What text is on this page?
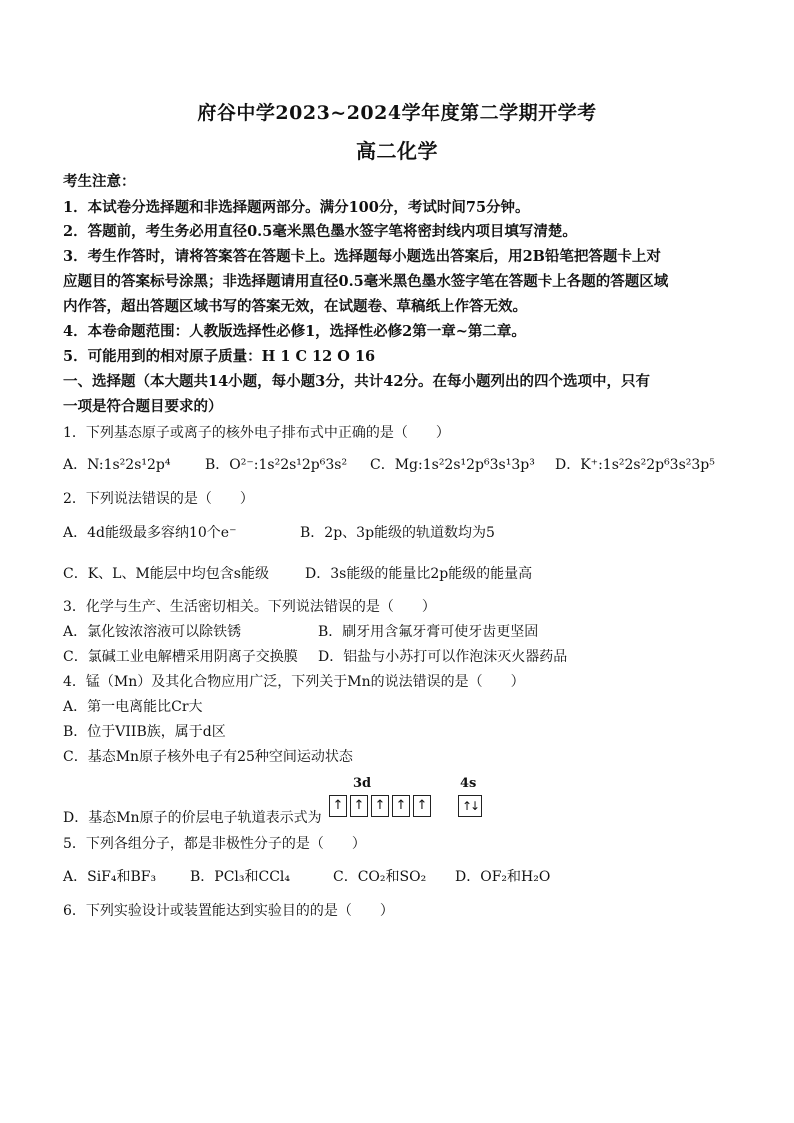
府谷中学2023~2024学年度第二学期开学考
高二化学
考生注意：
1．本试卷分选择题和非选择题两部分。满分100分，考试时间75分钟。
2．答题前，考生务必用直径0.5毫米黑色墨水签字笔将密封线内项目填写清楚。
3．考生作答时，请将答案答在答题卡上。选择题每小题选出答案后，用2B铅笔把答题卡上对
应题目的答案标号涂黑；非选择题请用直径0.5毫米黑色墨水签字笔在答题卡上各题的答题区域
内作答，超出答题区域书写的答案无效，在试题卷、草稿纸上作答无效。
4．本卷命题范围：人教版选择性必修1，选择性必修2第一章~第二章。
5．可能用到的相对原子质量：H 1 C 12 O 16
一、选择题（本大题共14小题，每小题3分，共计42分。在每小题列出的四个选项中，只有
一项是符合题目要求的）
1．下列基态原子或离子的核外电子排布式中正确的是（　　）
A．N:1s²2s¹2p⁴ B．O²⁻:1s²2s¹2p⁶3s² C．Mg:1s²2s¹2p⁶3s¹3p³ D．K⁺:1s²2s²2p⁶3s²3p⁵
2．下列说法错误的是（　　）
A．4d能级最多容纳10个e⁻	B．2p、3p能级的轨道数均为5
C．K、L、M能层中均包含s能级	D．3s能级的能量比2p能级的能量高
3．化学与生产、生活密切相关。下列说法错误的是（　　）
A．氯化铵浓溶液可以除铁锈	B．刷牙用含氟牙膏可使牙齿更坚固
C．氯碱工业电解槽采用阴离子交换膜 D．铝盐与小苏打可以作泡沫灭火器药品
4．锰（Mn）及其化合物应用广泛，下列关于Mn的说法错误的是（　　）
A．第一电离能比Cr大
B．位于VIIB族，属于d区
C．基态Mn原子核外电子有25种空间运动状态
D．基态Mn原子的价层电子轨道表示式为
3d	4s
↑ ↑ ↑ ↑ ↑	↑↓
5．下列各组分子，都是非极性分子的是（　　）
A．SiF₄和BF₃ B．PCl₃和CCl₄	C．CO₂和SO₂ D．OF₂和H₂O
6．下列实验设计或装置能达到实验目的的是（　　）
